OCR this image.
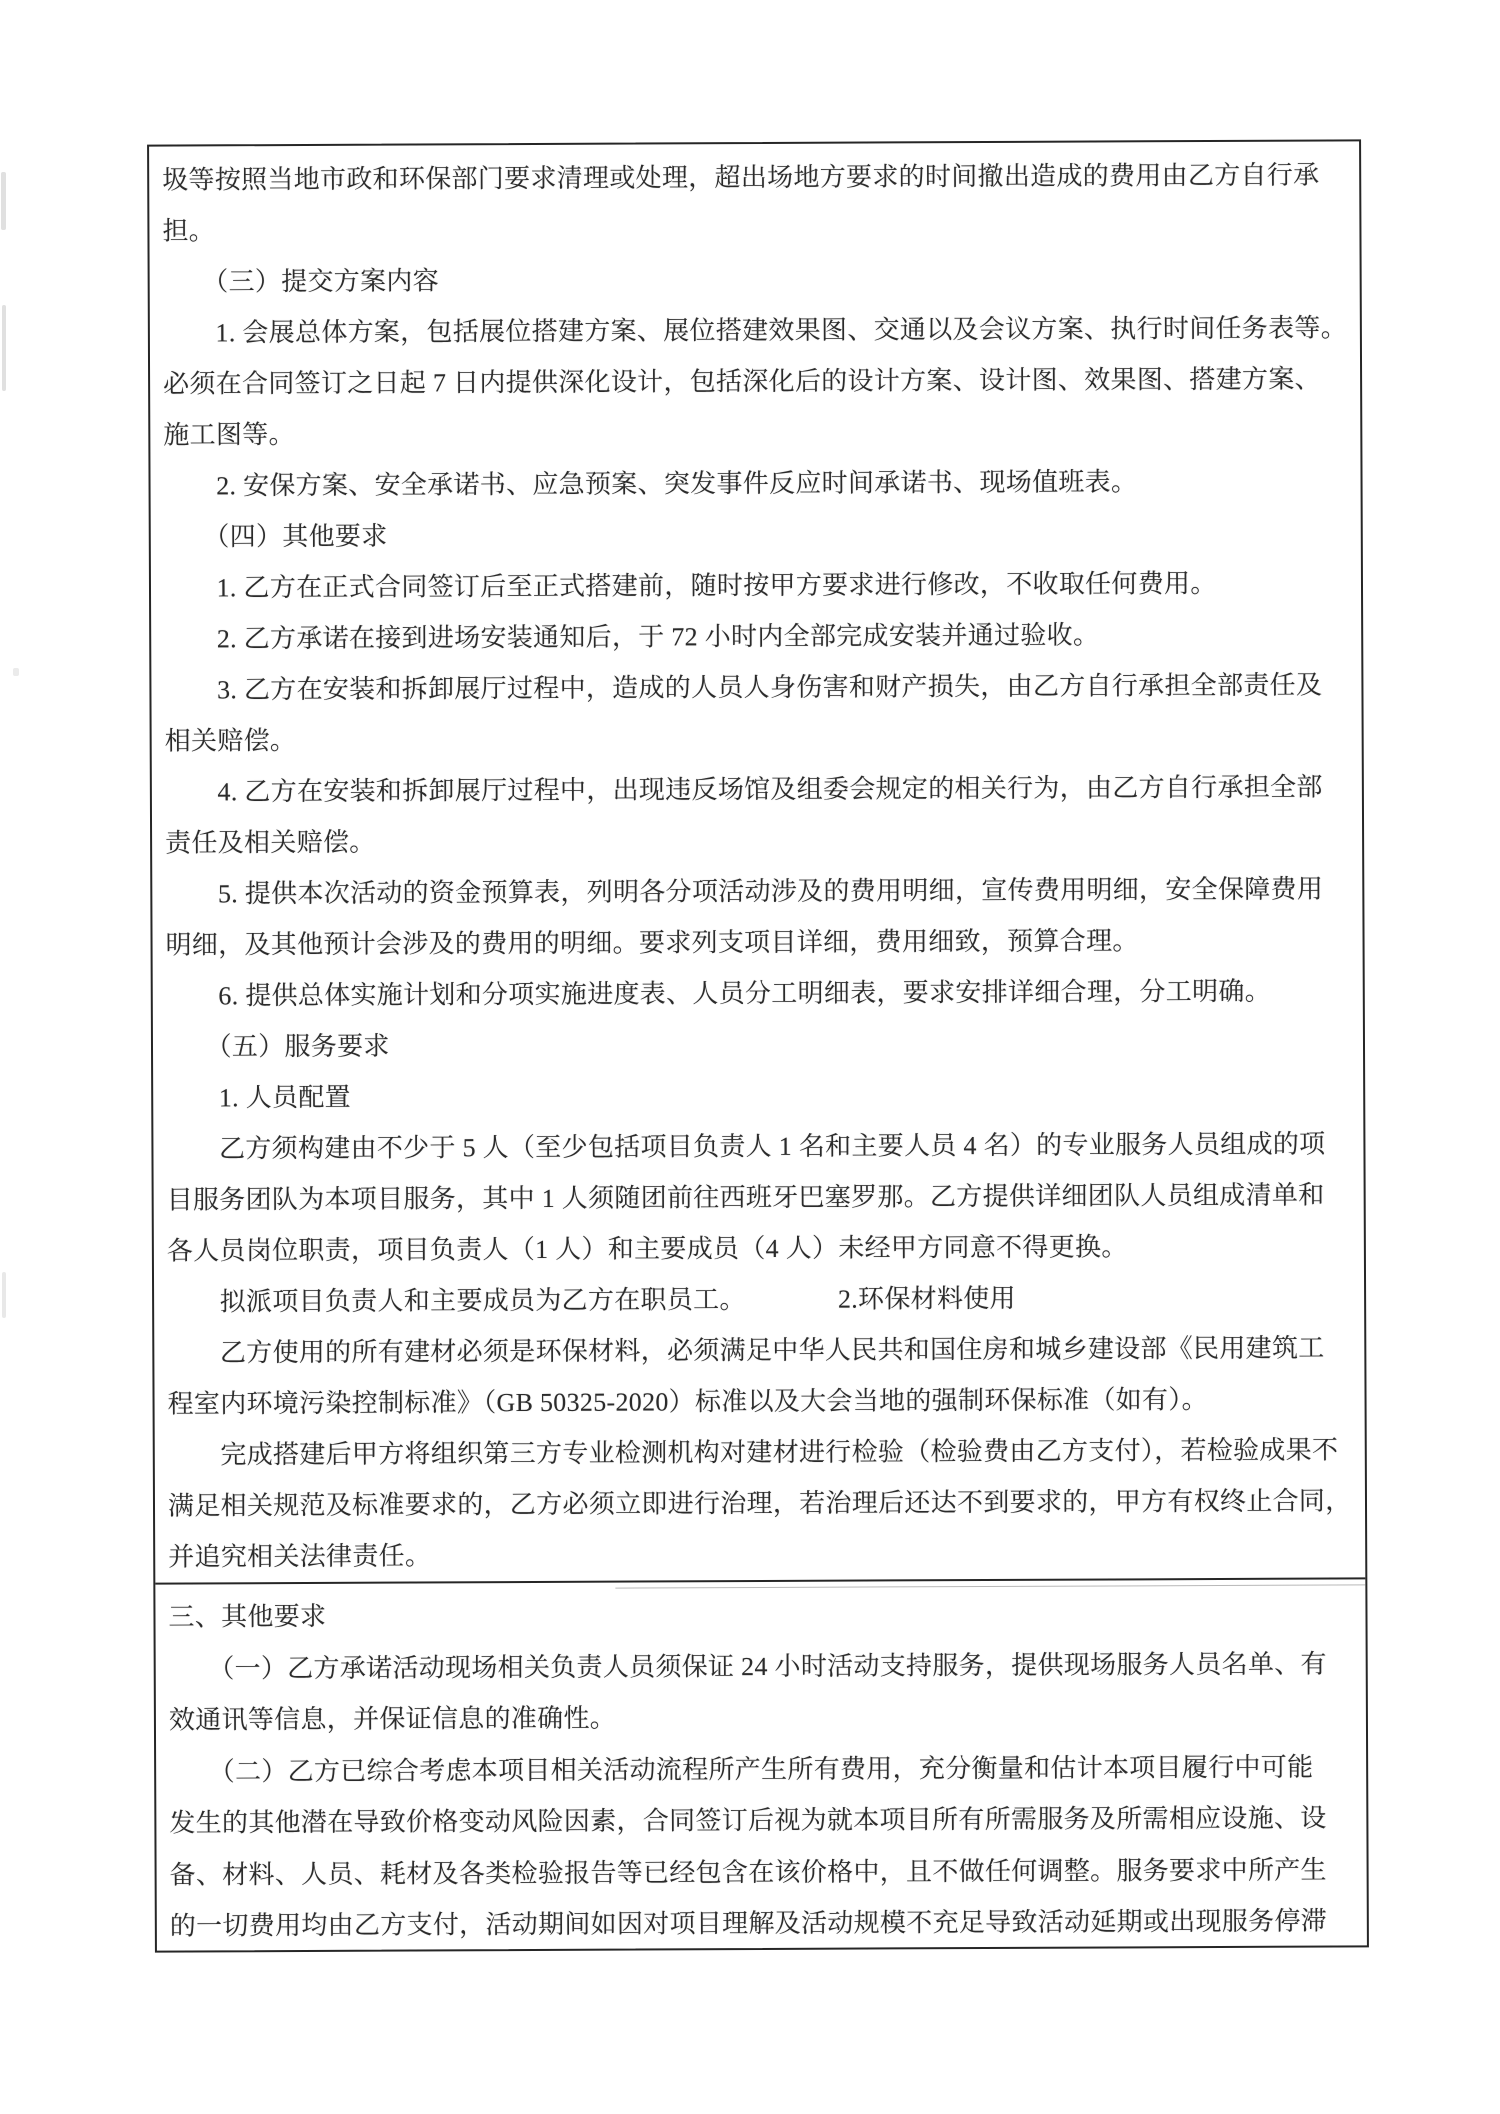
圾等按照当地市政和环保部门要求清理或处理，超出场地方要求的时间撤出造成的费用由乙方自行承
担。
　　（三）提交方案内容
　　1. 会展总体方案，包括展位搭建方案、展位搭建效果图、交通以及会议方案、执行时间任务表等。
必须在合同签订之日起 7 日内提供深化设计，包括深化后的设计方案、设计图、效果图、搭建方案、
施工图等。
　　2. 安保方案、安全承诺书、应急预案、突发事件反应时间承诺书、现场值班表。
　　（四）其他要求
　　1. 乙方在正式合同签订后至正式搭建前，随时按甲方要求进行修改，不收取任何费用。
　　2. 乙方承诺在接到进场安装通知后，于 72 小时内全部完成安装并通过验收。
　　3. 乙方在安装和拆卸展厅过程中，造成的人员人身伤害和财产损失，由乙方自行承担全部责任及
相关赔偿。
　　4. 乙方在安装和拆卸展厅过程中，出现违反场馆及组委会规定的相关行为，由乙方自行承担全部
责任及相关赔偿。
　　5. 提供本次活动的资金预算表，列明各分项活动涉及的费用明细，宣传费用明细，安全保障费用
明细，及其他预计会涉及的费用的明细。要求列支项目详细，费用细致，预算合理。
　　6. 提供总体实施计划和分项实施进度表、人员分工明细表，要求安排详细合理，分工明确。
　　（五）服务要求
　　1. 人员配置
　　乙方须构建由不少于 5 人（至少包括项目负责人 1 名和主要人员 4 名）的专业服务人员组成的项
目服务团队为本项目服务，其中 1 人须随团前往西班牙巴塞罗那。乙方提供详细团队人员组成清单和
各人员岗位职责，项目负责人（1 人）和主要成员（4 人）未经甲方同意不得更换。
　　拟派项目负责人和主要成员为乙方在职员工。　　　　2.环保材料使用
　　乙方使用的所有建材必须是环保材料，必须满足中华人民共和国住房和城乡建设部《民用建筑工
程室内环境污染控制标准》（GB 50325-2020）标准以及大会当地的强制环保标准（如有）。
　　完成搭建后甲方将组织第三方专业检测机构对建材进行检验（检验费由乙方支付），若检验成果不
满足相关规范及标准要求的，乙方必须立即进行治理，若治理后还达不到要求的，甲方有权终止合同，
并追究相关法律责任。
三、其他要求
　　（一）乙方承诺活动现场相关负责人员须保证 24 小时活动支持服务，提供现场服务人员名单、有
效通讯等信息，并保证信息的准确性。
　　（二）乙方已综合考虑本项目相关活动流程所产生所有费用，充分衡量和估计本项目履行中可能
发生的其他潜在导致价格变动风险因素，合同签订后视为就本项目所有所需服务及所需相应设施、设
备、材料、人员、耗材及各类检验报告等已经包含在该价格中，且不做任何调整。服务要求中所产生
的一切费用均由乙方支付，活动期间如因对项目理解及活动规模不充足导致活动延期或出现服务停滞
